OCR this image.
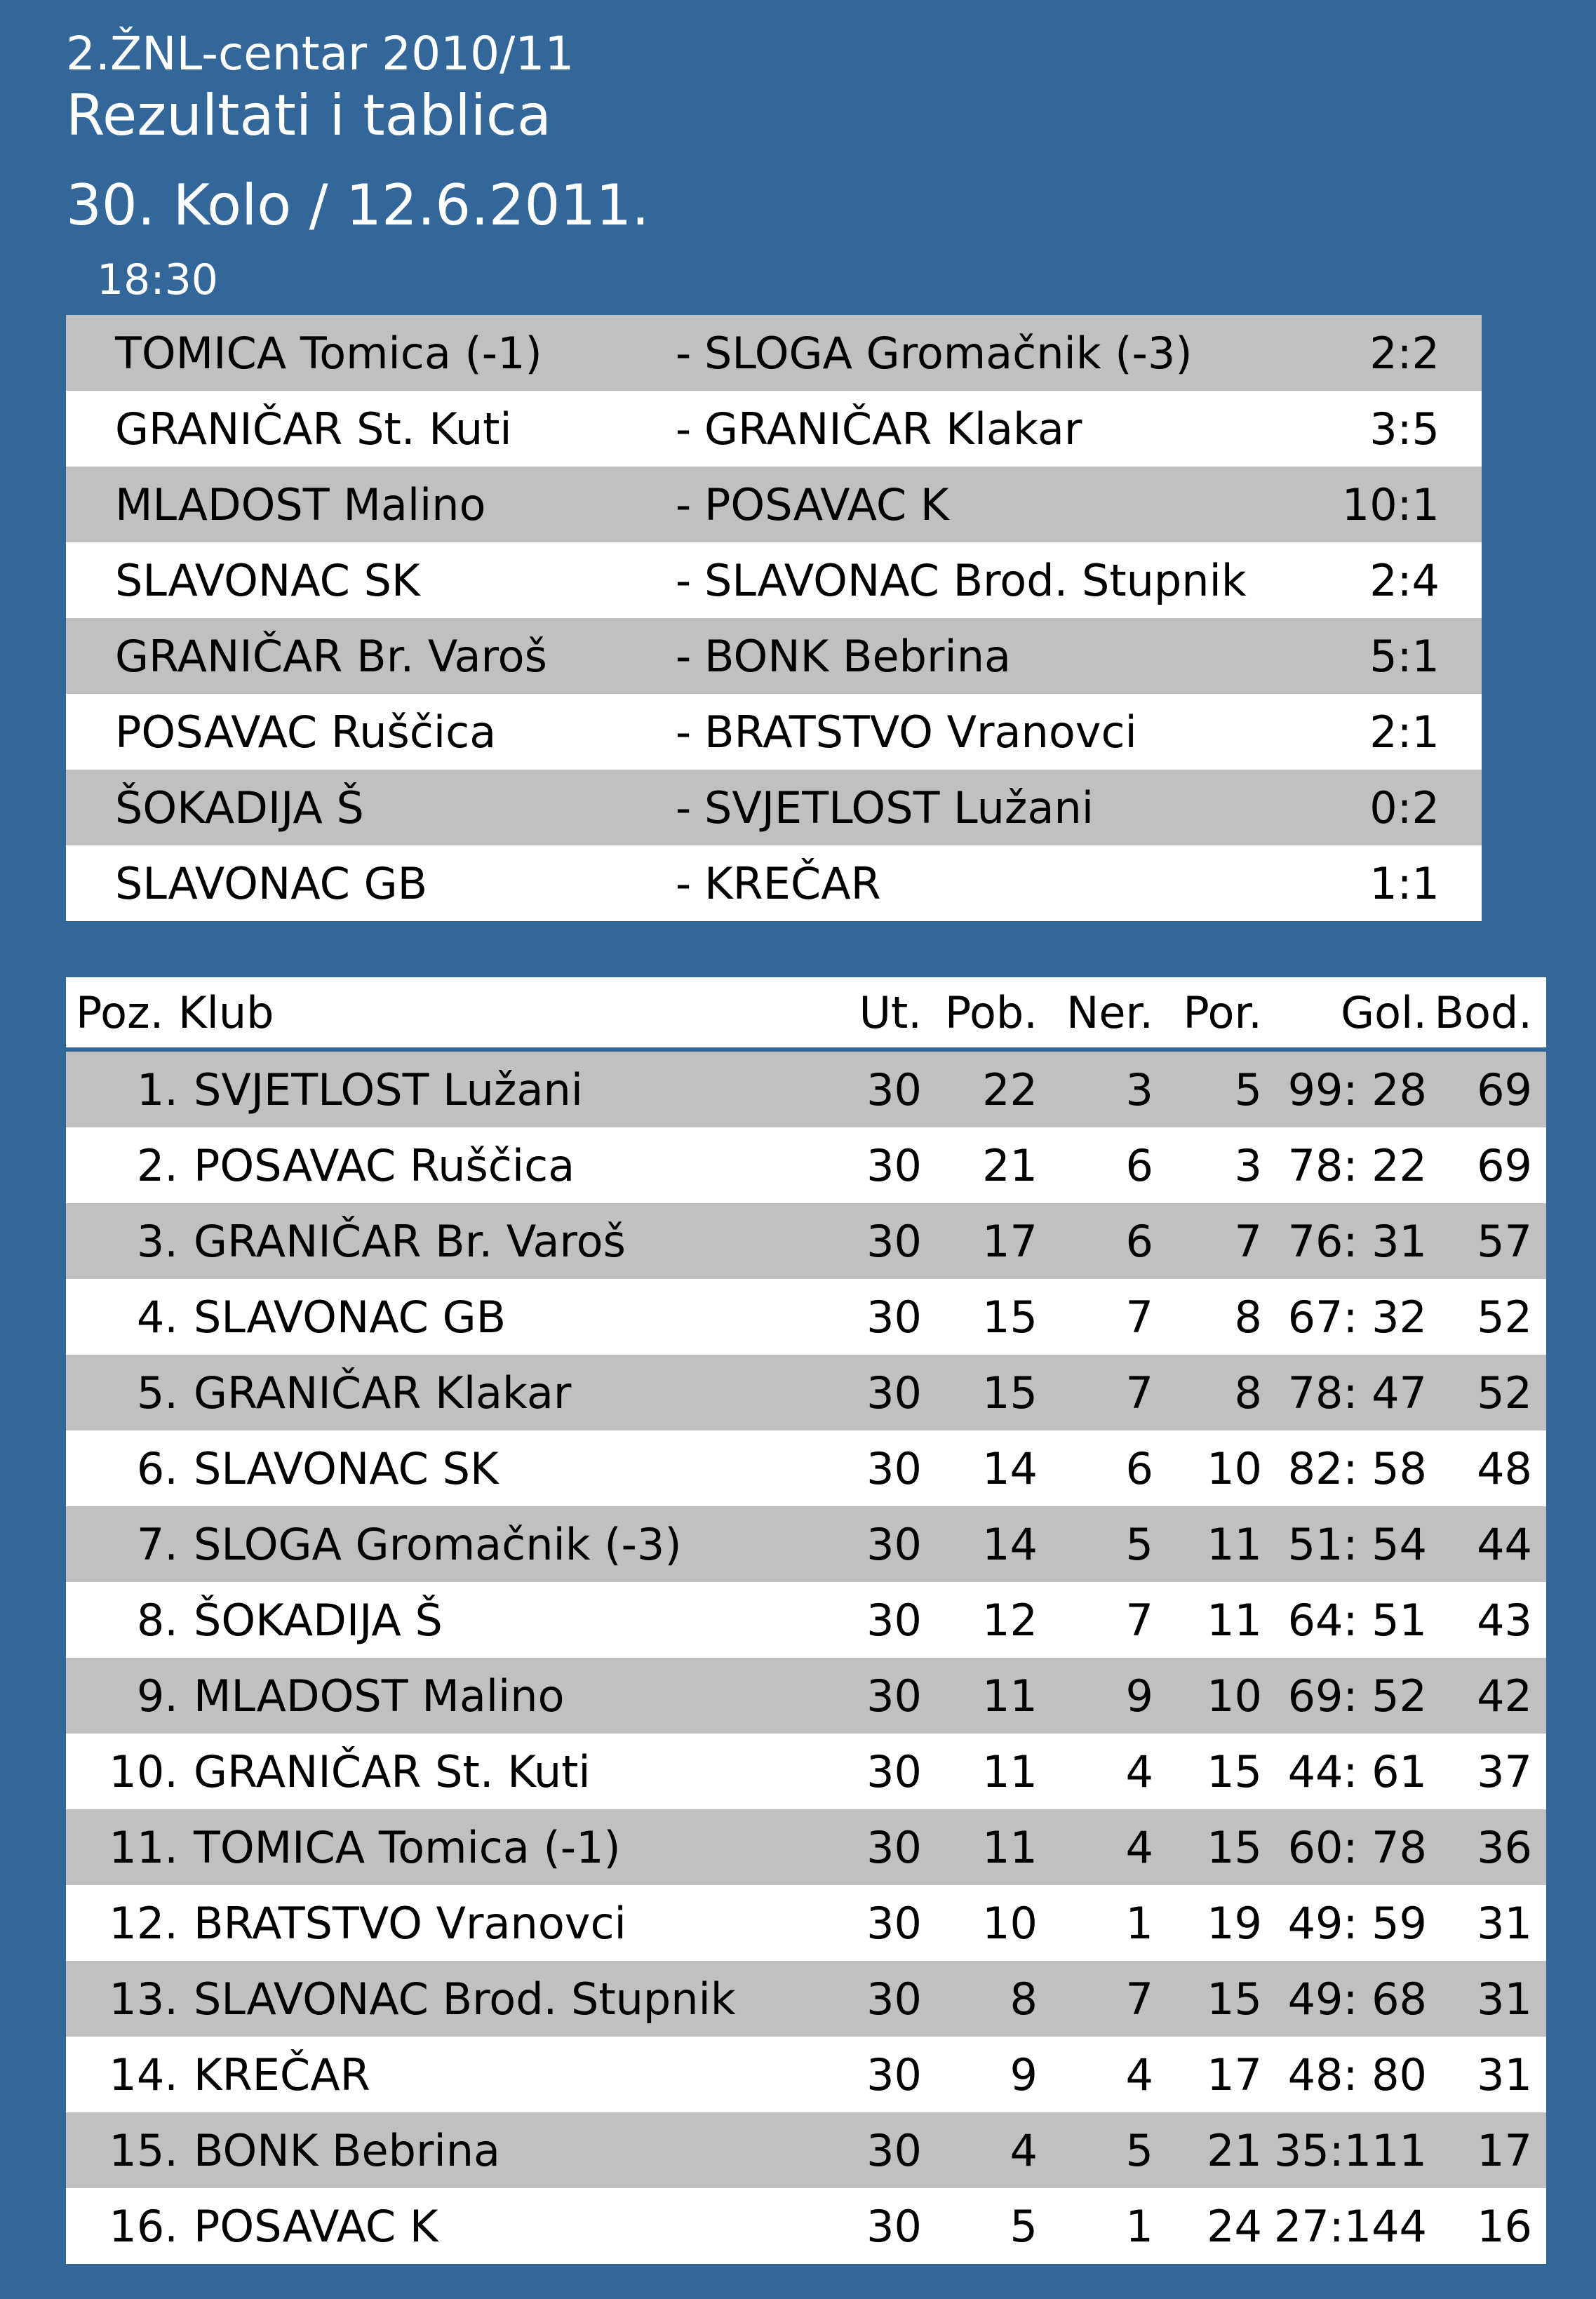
2.ŽNL-centar 2010/11
Rezultati i tablica
30. Kolo / 12.6.2011.
18:30
TOMICA Tomica (-1)	-	SLOGA Gromačnik (-3)	2:2
GRANIČAR St. Kuti	-	GRANIČAR Klakar	3:5
MLADOST Malino	-	POSAVAC K	10:1
SLAVONAC SK	-	SLAVONAC Brod. Stupnik	2:4
GRANIČAR Br. Varoš	-	BONK Bebrina	5:1
POSAVAC Ruščica	-	BRATSTVO Vranovci	2:1
ŠOKADIJA Š	-	SVJETLOST Lužani	0:2
SLAVONAC GB	-	KREČAR	1:1
Poz.	Klub	Ut.	Pob.	Ner.	Por.	Gol.	Bod.
1.	SVJETLOST Lužani	30	22	3	5	99: 28	69
2.	POSAVAC Ruščica	30	21	6	3	78: 22	69
3.	GRANIČAR Br. Varoš	30	17	6	7	76: 31	57
4.	SLAVONAC GB	30	15	7	8	67: 32	52
5.	GRANIČAR Klakar	30	15	7	8	78: 47	52
6.	SLAVONAC SK	30	14	6	10	82: 58	48
7.	SLOGA Gromačnik (-3)	30	14	5	11	51: 54	44
8.	ŠOKADIJA Š	30	12	7	11	64: 51	43
9.	MLADOST Malino	30	11	9	10	69: 52	42
10.	GRANIČAR St. Kuti	30	11	4	15	44: 61	37
11.	TOMICA Tomica (-1)	30	11	4	15	60: 78	36
12.	BRATSTVO Vranovci	30	10	1	19	49: 59	31
13.	SLAVONAC Brod. Stupnik	30	8	7	15	49: 68	31
14.	KREČAR	30	9	4	17	48: 80	31
15.	BONK Bebrina	30	4	5	21	35:111	17
16.	POSAVAC K	30	5	1	24	27:144	16
